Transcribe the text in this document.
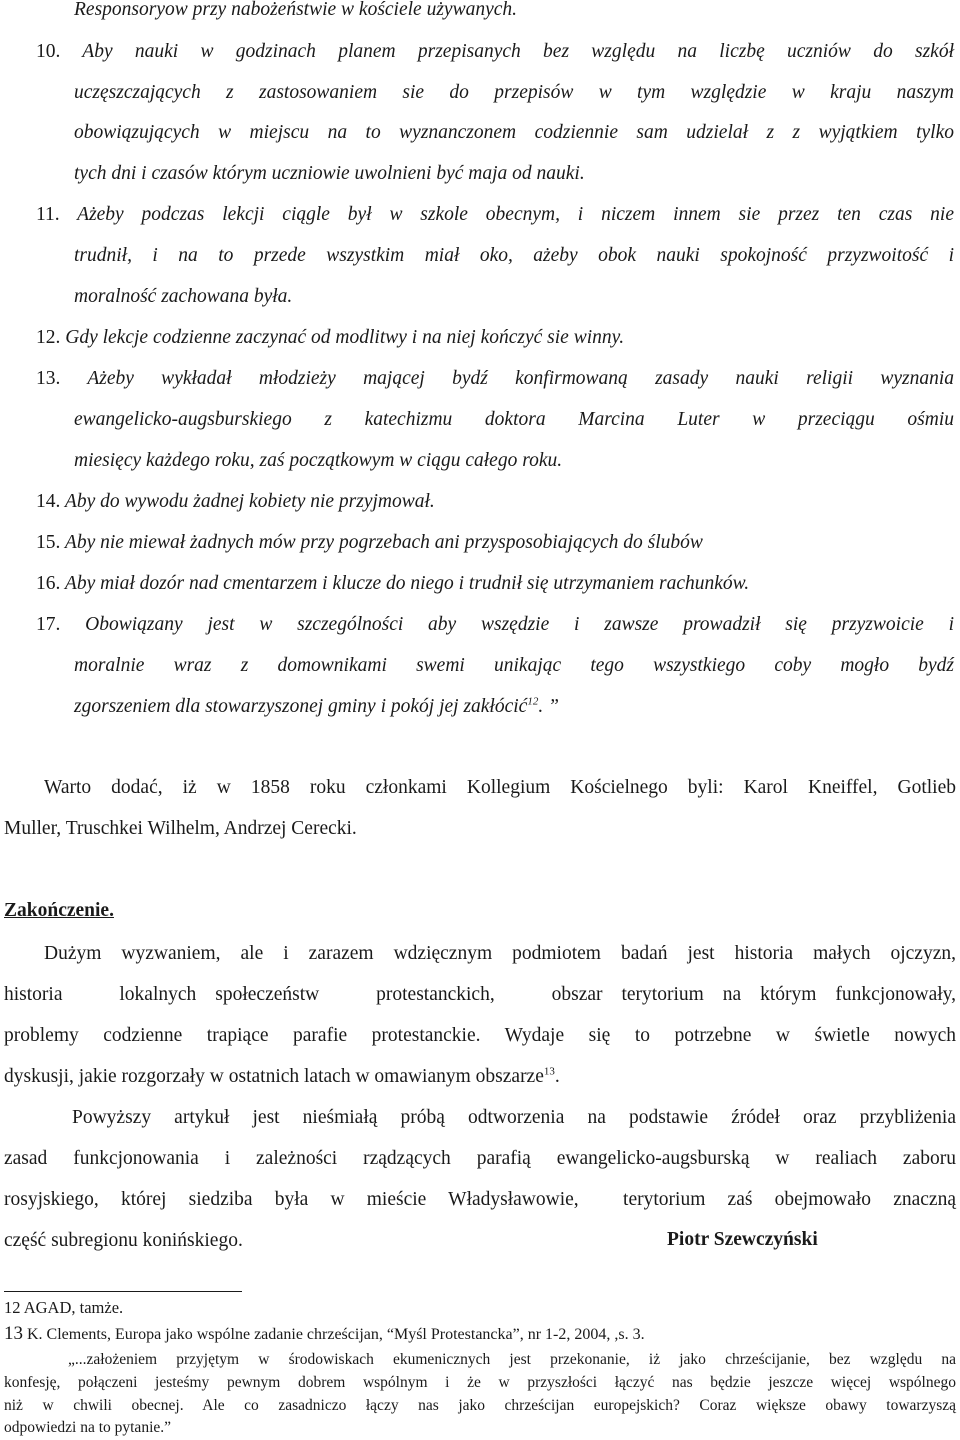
Responsoryow przy nabożeństwie w kościele używanych.
10. Aby nauki w godzinach planem przepisanych bez względu na liczbę uczniów do szkół
uczęszczających z zastosowaniem sie do przepisów w tym względzie w kraju naszym
obowiązujących w miejscu na to wyznanczonem codziennie sam udzielał z z wyjątkiem tylko
tych dni i czasów którym uczniowie uwolnieni być maja od nauki.
11. Ażeby podczas lekcji ciągle był w szkole obecnym, i niczem innem sie przez ten czas nie
trudnił, i na to przede wszystkim miał oko, ażeby obok nauki spokojność przyzwoitość i
moralność zachowana była.
12. Gdy lekcje codzienne zaczynać od modlitwy i na niej kończyć sie winny.
13. Ażeby wykładał młodzieży mającej bydź konfirmowaną zasady nauki religii wyznania
ewangelicko-augsburskiego z katechizmu doktora Marcina Luter w przeciągu ośmiu
miesięcy każdego roku, zaś początkowym w ciągu całego roku.
14. Aby do wywodu żadnej kobiety nie przyjmował.
15. Aby nie miewał żadnych mów przy pogrzebach ani przysposobiających do ślubów
16. Aby miał dozór nad cmentarzem i klucze do niego i trudnił się utrzymaniem rachunków.
17. Obowiązany jest w szczególności aby wszędzie i zawsze prowadził się przyzwoicie i
moralnie wraz z domownikami swemi unikając tego wszystkiego coby mogło bydź
zgorszeniem dla stowarzyszonej gminy i pokój jej zakłócić$^{12}$. ”
Warto dodać, iż w 1858 roku członkami Kollegium Kościelnego byli: Karol Kneiffel, Gotlieb
Muller, Truschkei Wilhelm, Andrzej Cerecki.
Zakończenie.
Dużym wyzwaniem, ale i zarazem wdzięcznym podmiotem badań jest historia małych ojczyzn,
historia   lokalnych społeczeństw   protestanckich,   obszar terytorium na którym funkcjonowały,
problemy codzienne trapiące parafie protestanckie. Wydaje się to potrzebne w świetle nowych
dyskusji, jakie rozgorzały w ostatnich latach w omawianym obszarze$^{13}$.
Powyższy artykuł jest nieśmiałą próbą odtworzenia na podstawie źródeł oraz przybliżenia
zasad funkcjonowania i zależności rządzących parafią ewangelicko-augsburską w realiach zaboru
rosyjskiego, której siedziba była w mieście Władysławowie,  terytorium zaś obejmowało znaczną
część subregionu konińskiego.	Piotr Szewczyński
12 AGAD, tamże.
13 K. Clements, Europa jako wspólne zadanie chrześcijan, “Myśl Protestancka”, nr 1-2, 2004, ,s. 3.
„...założeniem przyjętym w środowiskach ekumenicznych jest przekonanie, iż jako chrześcijanie, bez względu na
konfesję, połączeni jesteśmy pewnym dobrem wspólnym i że w przyszłości łączyć nas będzie jeszcze więcej wspólnego
niż w chwili obecnej. Ale co zasadniczo łączy nas jako chrześcijan europejskich? Coraz większe obawy towarzyszą
odpowiedzi na to pytanie.”
